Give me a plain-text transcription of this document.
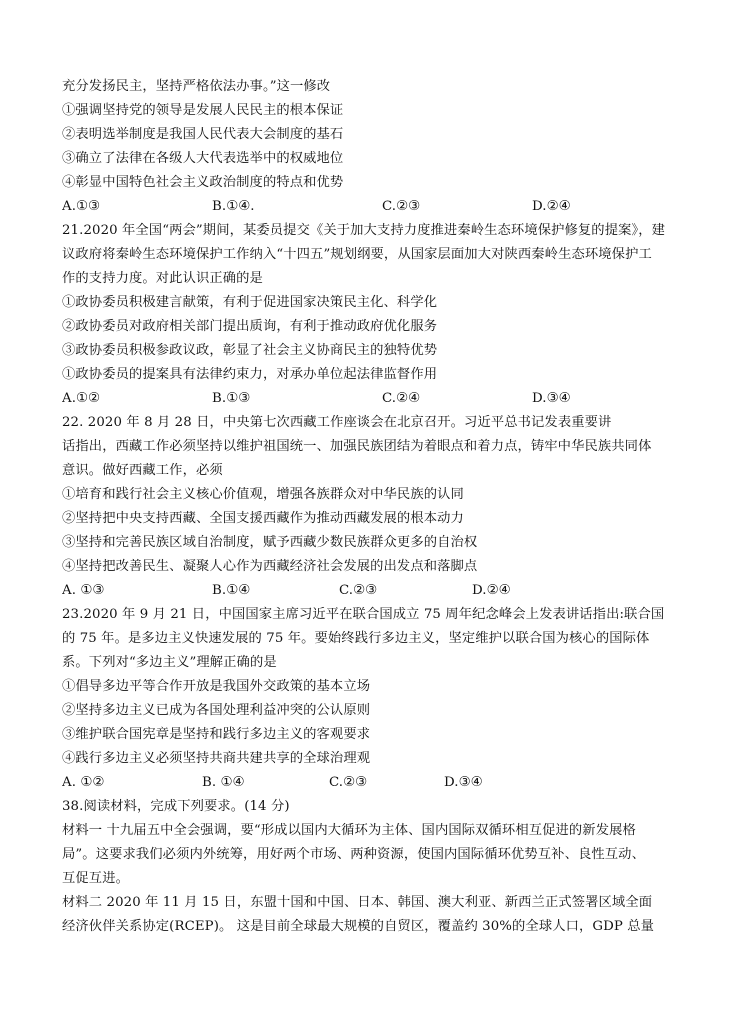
充分发扬民主，坚持严格依法办事。”这一修改
①强调坚持党的领导是发展人民民主的根本保证
②表明选举制度是我国人民代表大会制度的基石
③确立了法律在各级人大代表选举中的权威地位
④彰显中国特色社会主义政治制度的特点和优势
A.①③	B.①④.	C.②③	D.②④
21.2020 年全国“两会”期间，某委员提交《关于加大支持力度推进秦岭生态环境保护修复的提案》，建
议政府将秦岭生态环境保护工作纳入“十四五”规划纲要，从国家层面加大对陕西秦岭生态环境保护工
作的支持力度。对此认识正确的是
①政协委员积极建言献策，有利于促进国家决策民主化、科学化
②政协委员对政府相关部门提出质询，有利于推动政府优化服务
③政协委员积极参政议政，彰显了社会主义协商民主的独特优势
①政协委员的提案具有法律约束力，对承办单位起法律监督作用
A.①②	B.①③	C.②④	D.③④
22. 2020 年 8 月 28 日，中央第七次西藏工作座谈会在北京召开。习近平总书记发表重要讲
话指出，西藏工作必须坚持以维护祖国统一、加强民族团结为着眼点和着力点，铸牢中华民族共同体
意识。做好西藏工作，必须
①培育和践行社会主义核心价值观，增强各族群众对中华民族的认同
②坚持把中央支持西藏、全国支援西藏作为推动西藏发展的根本动力
③坚持和完善民族区域自治制度，赋予西藏少数民族群众更多的自治权
④坚持把改善民生、凝聚人心作为西藏经济社会发展的出发点和落脚点
A. ①③	B.①④	C.②③	D.②④
23.2020 年 9 月 21 日，中国国家主席习近平在联合国成立 75 周年纪念峰会上发表讲话指出:联合国
的 75 年。是多边主义快速发展的 75 年。要始终践行多边主义，坚定维护以联合国为核心的国际体
系。下列对“多边主义”理解正确的是
①倡导多边平等合作开放是我国外交政策的基本立场
②坚持多边主义已成为各国处理利益冲突的公认原则
③维护联合国宪章是坚持和践行多边主义的客观要求
④践行多边主义必须坚持共商共建共享的全球治理观
A. ①②	B. ①④	C.②③	D.③④
38.阅读材料，完成下列要求。(14 分)
材料一 十九届五中全会强调，要“形成以国内大循环为主体、国内国际双循环相互促进的新发展格
局”。这要求我们必须内外统筹，用好两个市场、两种资源，使国内国际循环优势互补、良性互动、
互促互进。
材料二 2020 年 11 月 15 日，东盟十国和中国、日本、韩国、澳大利亚、新西兰正式签署区域全面
经济伙伴关系协定(RCEP)。 这是目前全球最大规模的自贸区，覆盖约 30%的全球人口，GDP 总量
